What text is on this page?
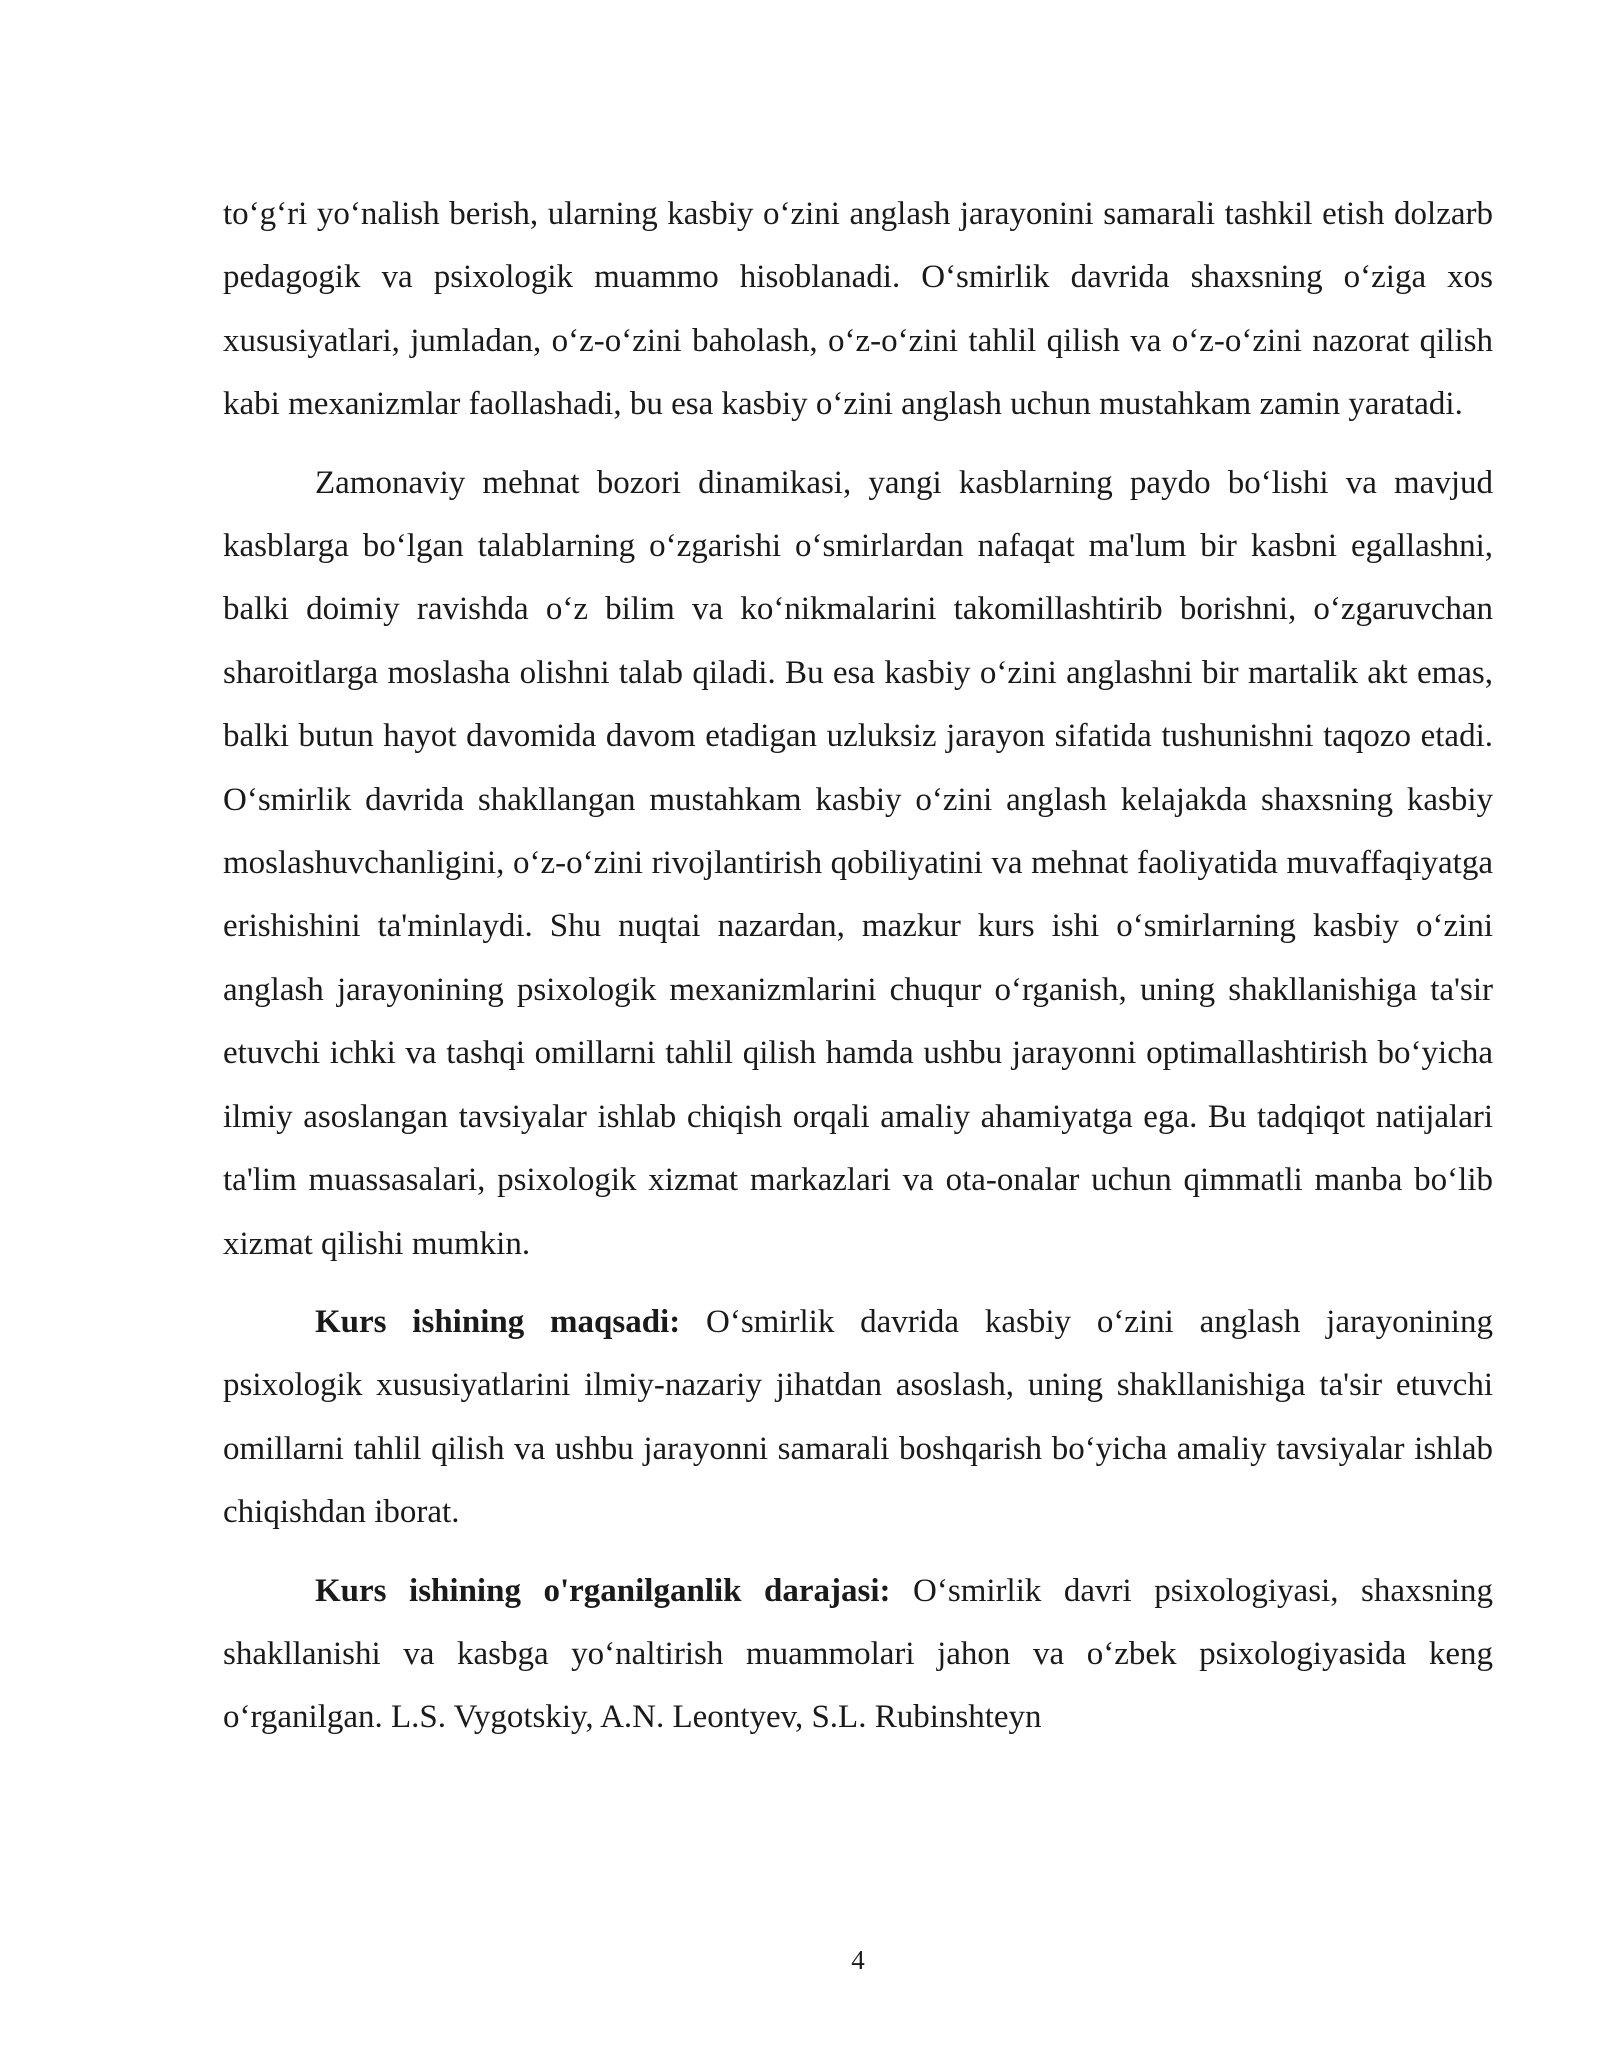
to‘g‘ri yo‘nalish berish, ularning kasbiy o‘zini anglash jarayonini samarali tashkil etish dolzarb pedagogik va psixologik muammo hisoblanadi. O‘smirlik davrida shaxsning o‘ziga xos xususiyatlari, jumladan, o‘z-o‘zini baholash, o‘z-o‘zini tahlil qilish va o‘z-o‘zini nazorat qilish kabi mexanizmlar faollashadi, bu esa kasbiy o‘zini anglash uchun mustahkam zamin yaratadi.

Zamonaviy mehnat bozori dinamikasi, yangi kasblarning paydo bo‘lishi va mavjud kasblarga bo‘lgan talablarning o‘zgarishi o‘smirlardan nafaqat ma'lum bir kasbni egallashni, balki doimiy ravishda o‘z bilim va ko‘nikmalarini takomillashtirib borishni, o‘zgaruvchan sharoitlarga moslasha olishni talab qiladi. Bu esa kasbiy o‘zini anglashni bir martalik akt emas, balki butun hayot davomida davom etadigan uzluksiz jarayon sifatida tushunishni taqozo etadi. O‘smirlik davrida shakllangan mustahkam kasbiy o‘zini anglash kelajakda shaxsning kasbiy moslashuvchanligini, o‘z-o‘zini rivojlantirish qobiliyatini va mehnat faoliyatida muvaffaqiyatga erishishini ta'minlaydi. Shu nuqtai nazardan, mazkur kurs ishi o‘smirlarning kasbiy o‘zini anglash jarayonining psixologik mexanizmlarini chuqur o‘rganish, uning shakllanishiga ta'sir etuvchi ichki va tashqi omillarni tahlil qilish hamda ushbu jarayonni optimallashtirish bo‘yicha ilmiy asoslangan tavsiyalar ishlab chiqish orqali amaliy ahamiyatga ega. Bu tadqiqot natijalari ta'lim muassasalari, psixologik xizmat markazlari va ota-onalar uchun qimmatli manba bo‘lib xizmat qilishi mumkin.

Kurs ishining maqsadi: O‘smirlik davrida kasbiy o‘zini anglash jarayonining psixologik xususiyatlarini ilmiy-nazariy jihatdan asoslash, uning shakllanishiga ta'sir etuvchi omillarni tahlil qilish va ushbu jarayonni samarali boshqarish bo‘yicha amaliy tavsiyalar ishlab chiqishdan iborat.

Kurs ishining o'rganilganlik darajasi: O‘smirlik davri psixologiyasi, shaxsning shakllanishi va kasbga yo‘naltirish muammolari jahon va o‘zbek psixologiyasida keng o‘rganilgan. L.S. Vygotskiy, A.N. Leontyev, S.L. Rubinshteyn

4
